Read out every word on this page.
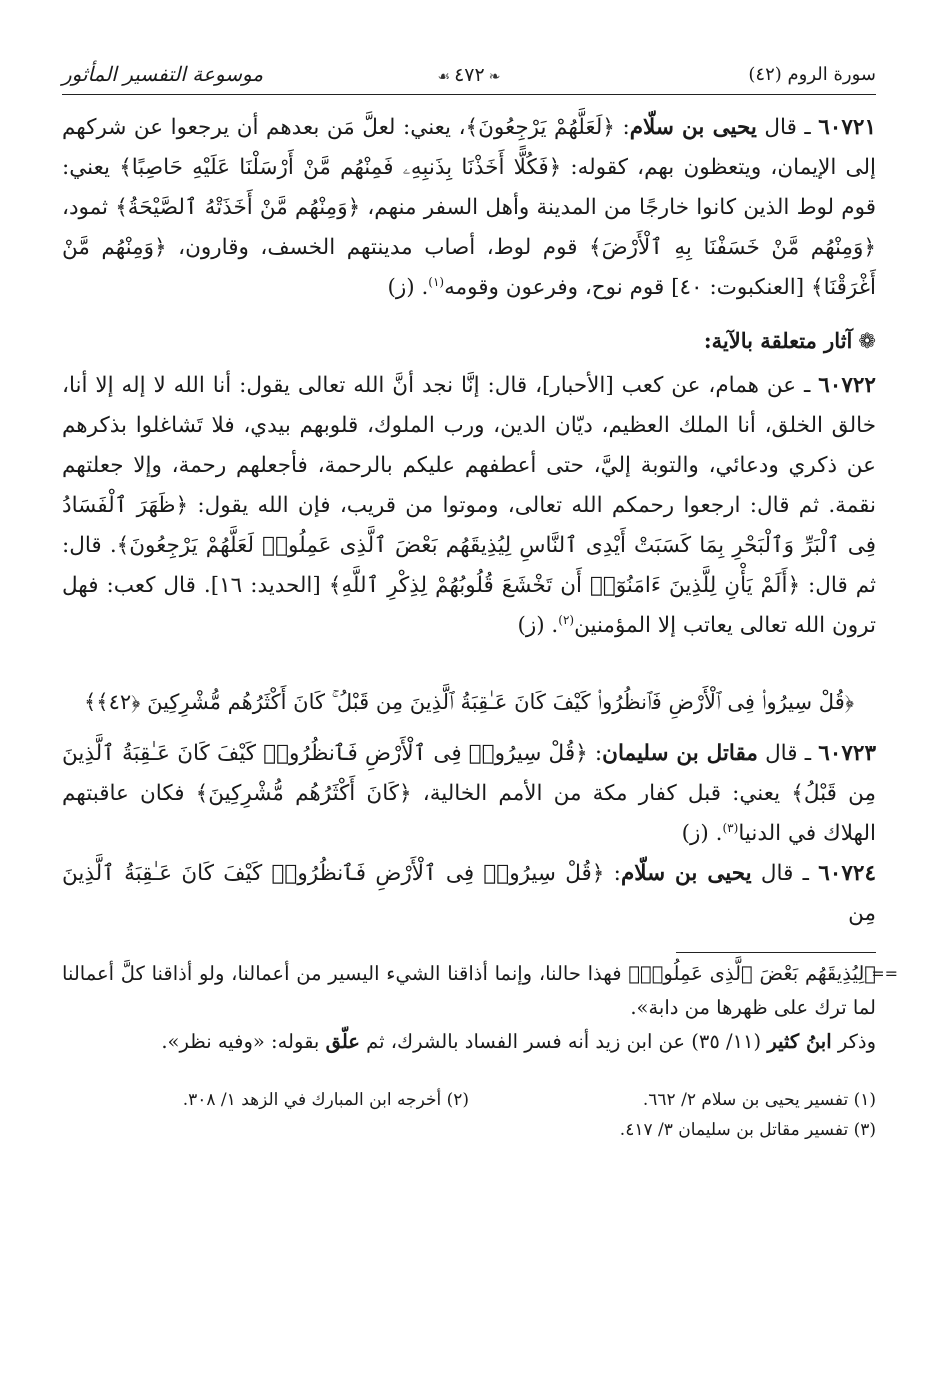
سورة الروم (٤٢)
❧٤٧٢☙
موسوعة التفسير المأثور

٦٠٧٢١ ـ قال يحيى بن سلّام: ﴿لَعَلَّهُمْ يَرْجِعُونَ﴾، يعني: لعلَّ مَن بعدهم أن يرجعوا عن شركهم إلى الإيمان، ويتعظون بهم، كقوله: ﴿فَكُلًّا أَخَذْنَا بِذَنبِهِۦ فَمِنْهُم مَّنْ أَرْسَلْنَا عَلَيْهِ حَاصِبًا﴾ يعني: قوم لوط الذين كانوا خارجًا من المدينة وأهل السفر منهم، ﴿وَمِنْهُم مَّنْ أَخَذَتْهُ ٱلصَّيْحَةُ﴾ ثمود، ﴿وَمِنْهُم مَّنْ خَسَفْنَا بِهِ ٱلْأَرْضَ﴾ قوم لوط، أصاب مدينتهم الخسف، وقارون، ﴿وَمِنْهُم مَّنْ أَغْرَقْنَا﴾ [العنكبوت: ٤٠] قوم نوح، وفرعون وقومه$^{(١)}$. (ز)

❁آثار متعلقة بالآية:

٦٠٧٢٢ ـ عن همام، عن كعب [الأحبار]، قال: إنَّا نجد أنَّ الله تعالى يقول: أنا الله لا إله إلا أنا، خالق الخلق، أنا الملك العظيم، ديّان الدين، ورب الملوك، قلوبهم بيدي، فلا تَشاغلوا بذكرهم عن ذكري ودعائي، والتوبة إليَّ، حتى أعطفهم عليكم بالرحمة، فأجعلهم رحمة، وإلا جعلتهم نقمة. ثم قال: ارجعوا رحمكم الله تعالى، وموتوا من قريب، فإن الله يقول: ﴿ظَهَرَ ٱلْفَسَادُ فِى ٱلْبَرِّ وَٱلْبَحْرِ بِمَا كَسَبَتْ أَيْدِى ٱلنَّاسِ لِيُذِيقَهُم بَعْضَ ٱلَّذِى عَمِلُوا۟ لَعَلَّهُمْ يَرْجِعُونَ﴾. قال: ثم قال: ﴿أَلَمْ يَأْنِ لِلَّذِينَ ءَامَنُوٓا۟ أَن تَخْشَعَ قُلُوبُهُمْ لِذِكْرِ ٱللَّهِ﴾ [الحديد: ١٦]. قال كعب: فهل ترون الله تعالى يعاتب إلا المؤمنين$^{(٢)}$. (ز)

﴿قُلْ سِيرُوا۟ فِى ٱلْأَرْضِ فَٱنظُرُوا۟ كَيْفَ كَانَ عَـٰقِبَةُ ٱلَّذِينَ مِن قَبْلُ ۚ كَانَ أَكْثَرُهُم مُّشْرِكِينَ ﴿٤٢﴾﴾

٦٠٧٢٣ ـ قال مقاتل بن سليمان: ﴿قُلْ سِيرُوا۟ فِى ٱلْأَرْضِ فَٱنظُرُوا۟ كَيْفَ كَانَ عَـٰقِبَةُ ٱلَّذِينَ مِن قَبْلُ﴾ يعني: قبل كفار مكة من الأمم الخالية، ﴿كَانَ أَكْثَرُهُم مُّشْرِكِينَ﴾ فكان عاقبتهم الهلاك في الدنيا$^{(٣)}$. (ز)

٦٠٧٢٤ ـ قال يحيى بن سلّام: ﴿قُلْ سِيرُوا۟ فِى ٱلْأَرْضِ فَٱنظُرُوا۟ كَيْفَ كَانَ عَـٰقِبَةُ ٱلَّذِينَ مِن

==
﴿لِيُذِيقَهُم بَعْضَ ٱلَّذِى عَمِلُوا۟﴾ فهذا حالنا، وإنما أذاقنا الشيء اليسير من أعمالنا، ولو أذاقنا كلَّ أعمالنا لما ترك على ظهرها من دابة».

وذكر ابنُ كثير (١١/ ٣٥) عن ابن زيد أنه فسر الفساد بالشرك، ثم علّق بقوله: «وفيه نظر».

(١) تفسير يحيى بن سلام ٢/ ٦٦٢.
(٢) أخرجه ابن المبارك في الزهد ١/ ٣٠٨.
(٣) تفسير مقاتل بن سليمان ٣/ ٤١٧.
